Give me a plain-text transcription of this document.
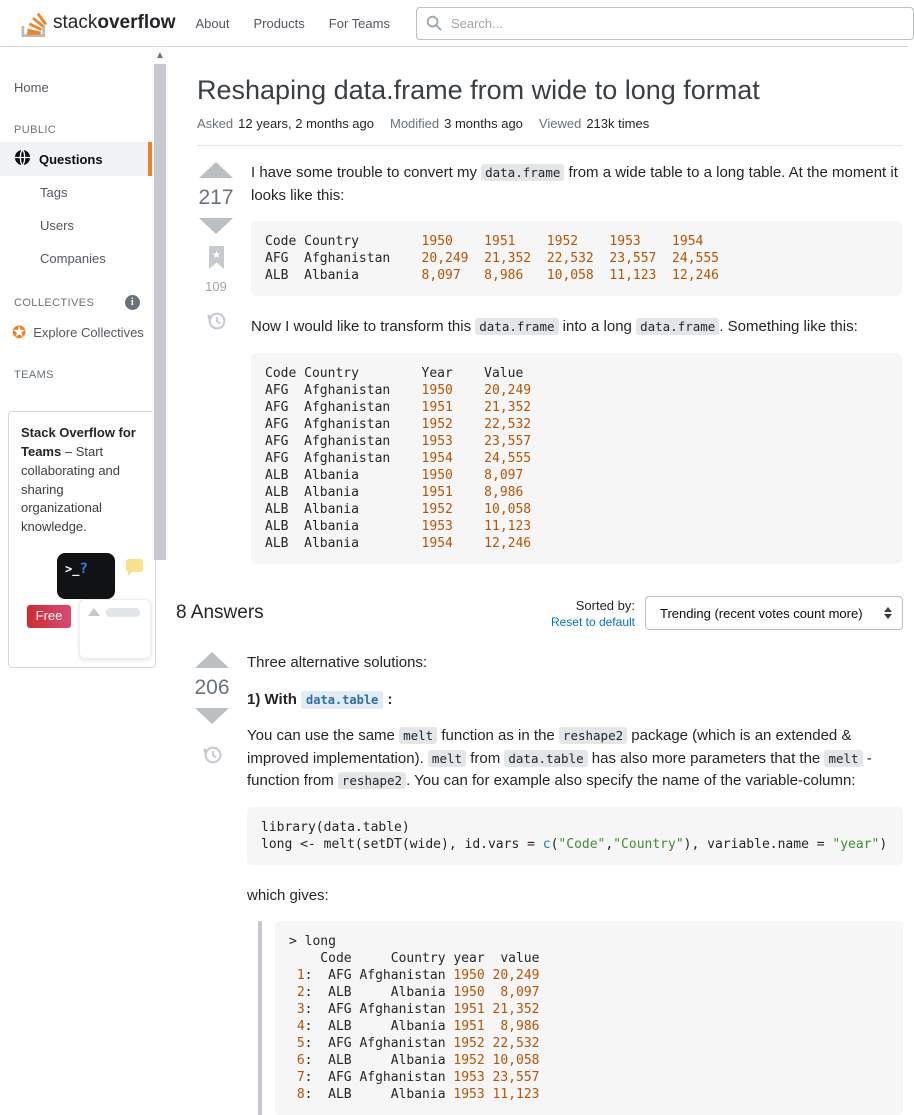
stackoverflow	About	Products	For Teams
Search...
Home
PUBLIC
Questions
Tags
Users
Companies
COLLECTIVES	i
✪ Explore Collectives
TEAMS
Stack Overflow for Teams – Start collaborating and sharing organizational knowledge.
>_?
Free
▲
Reshaping data.frame from wide to long format
Asked 12 years, 2 months ago Modified 3 months ago Viewed 213k times
217
★
109

I have some trouble to convert my data.frame from a wide table to a long table. At the moment it looks like this:

Code Country        1950 1951 1952 1953 1954
AFG  Afghanistan    20,249 21,352 22,532 23,557 24,555
ALB  Albania        8,097 8,986 10,058 11,123 12,246

Now I would like to transform this data.frame into a long data.frame . Something like this:

Code Country        Year    Value
AFG  Afghanistan    1950 20,249
AFG  Afghanistan    1951 21,352
AFG  Afghanistan    1952 22,532
AFG  Afghanistan    1953 23,557
AFG  Afghanistan    1954 24,555
ALB  Albania        1950 8,097
ALB  Albania        1951 8,986
ALB  Albania        1952 10,058
ALB  Albania        1953 11,123
ALB  Albania        1954 12,246
8 Answers	Sorted by:
Reset to default
Trending (recent votes count more)
206

Three alternative solutions:

1) With data.table :

You can use the same melt function as in the reshape2 package (which is an extended & improved implementation). melt from data.table has also more parameters that the melt -function from reshape2 . You can for example also specify the name of the variable-column:

library(data.table)
long <- melt(setDT(wide), id.vars = c("Code","Country"), variable.name = "year")

which gives:

> long
Code     Country year  value
1:  AFG Afghanistan 1950 20,249
2:  ALB     Albania 1950 8,097
3:  AFG Afghanistan 1951 21,352
4:  ALB     Albania 1951 8,986
5:  AFG Afghanistan 1952 22,532
6:  ALB     Albania 1952 10,058
7:  AFG Afghanistan 1953 23,557
8:  ALB     Albania 1953 11,123
